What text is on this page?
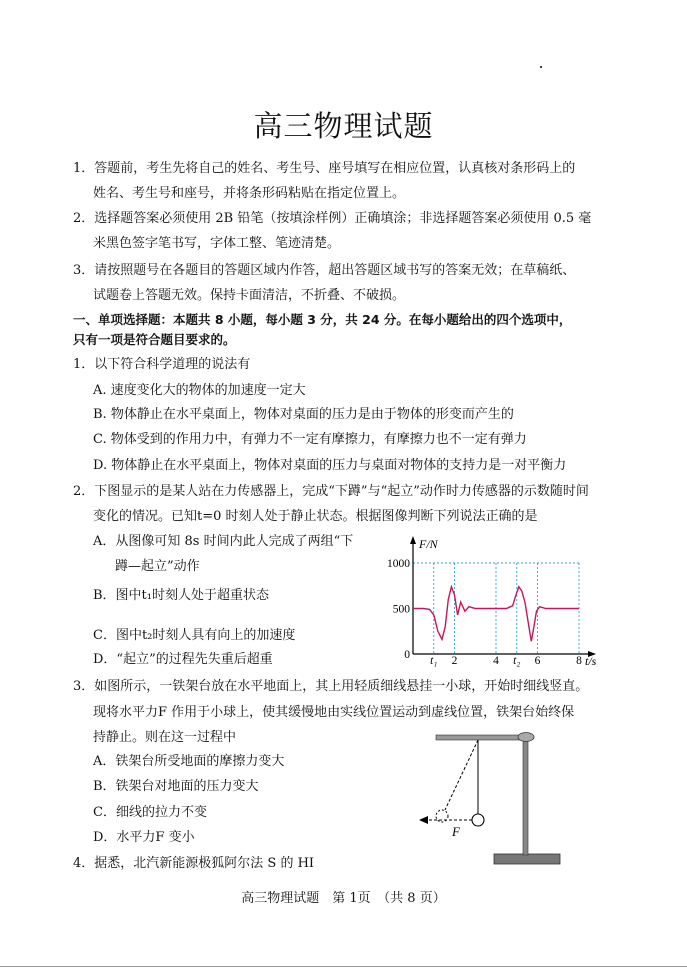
高三物理试题
1．答题前，考生先将自己的姓名、考生号、座号填写在相应位置，认真核对条形码上的
姓名、考生号和座号，并将条形码粘贴在指定位置上。
2．选择题答案必须使用 2B 铅笔（按填涂样例）正确填涂；非选择题答案必须使用 0.5 毫
米黑色签字笔书写，字体工整、笔迹清楚。
3．请按照题号在各题目的答题区域内作答，超出答题区域书写的答案无效；在草稿纸、
试题卷上答题无效。保持卡面清洁，不折叠、不破损。
一、单项选择题：本题共 8 小题，每小题 3 分，共 24 分。在每小题给出的四个选项中，
只有一项是符合题目要求的。
1．以下符合科学道理的说法有
A. 速度变化大的物体的加速度一定大
B. 物体静止在水平桌面上，物体对桌面的压力是由于物体的形变而产生的
C. 物体受到的作用力中，有弹力不一定有摩擦力，有摩擦力也不一定有弹力
D. 物体静止在水平桌面上，物体对桌面的压力与桌面对物体的支持力是一对平衡力
2．下图显示的是某人站在力传感器上，完成“下蹲”与“起立”动作时力传感器的示数随时间
变化的情况。已知t=0 时刻人处于静止状态。根据图像判断下列说法正确的是
A．从图像可知 8s 时间内此人完成了两组“下
蹲—起立”动作
B．图中t₁时刻人处于超重状态
C．图中t₂时刻人具有向上的加速度
D．“起立”的过程先失重后超重
F/N
t/s
0
500
1000
t₁ 2	4 t₂ 6	8
3．如图所示，一铁架台放在水平地面上，其上用轻质细线悬挂一小球，开始时细线竖直。
现将水平力F 作用于小球上，使其缓慢地由实线位置运动到虚线位置，铁架台始终保
持静止。则在这一过程中
A．铁架台所受地面的摩擦力变大
B．铁架台对地面的压力变大
C．细线的拉力不变
D．水平力F 变小	F
4．据悉，北汽新能源极狐阿尔法 S 的 HI
高三物理试题　第 1页　（共 8 页）
